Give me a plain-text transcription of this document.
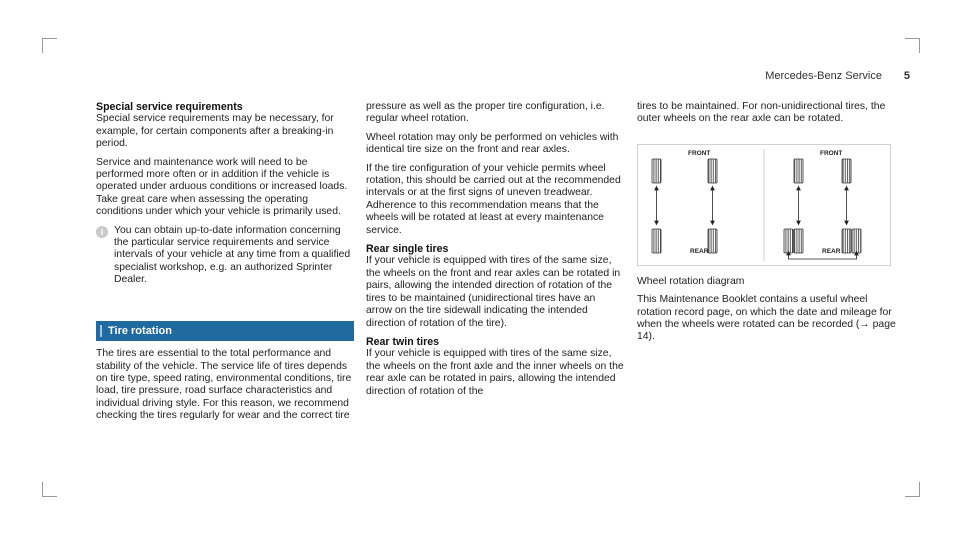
Mercedes-Benz Service 5
Special service requirements

Special service requirements may be necessary, for example, for certain components after a breaking-in period.

Service and maintenance work will need to be performed more often or in addition if the vehicle is operated under arduous conditions or increased loads. Take great care when assessing the operating conditions under which your vehicle is primarily used.

i	You can obtain up-to-date information concerning the particular service requirements and service intervals of your vehicle at any time from a qualified specialist workshop, e.g. an authorized Sprinter Dealer.

Tire rotation

The tires are essential to the total performance and stability of the vehicle. The service life of tires depends on tire type, speed rating, environmental conditions, tire load, tire pressure, road surface characteristics and individual driving style. For this reason, we recommend checking the tires regularly for wear and the correct tire

pressure as well as the proper tire configuration, i.e. regular wheel rotation.

Wheel rotation may only be performed on vehicles with identical tire size on the front and rear axles.

If the tire configuration of your vehicle permits wheel rotation, this should be carried out at the recommended intervals or at the first signs of uneven treadwear. Adherence to this recommendation means that the wheels will be rotated at least at every maintenance service.

Rear single tires

If your vehicle is equipped with tires of the same size, the wheels on the front and rear axles can be rotated in pairs, allowing the intended direction of rotation of the tires to be maintained (unidirectional tires have an arrow on the tire sidewall indicating the intended direction of rotation of the tire).

Rear twin tires

If your vehicle is equipped with tires of the same size, the wheels on the front axle and the inner wheels on the rear axle can be rotated in pairs, allowing the intended direction of rotation of the

tires to be maintained. For non-unidirectional tires, the outer wheels on the rear axle can be rotated.

FRONT
REAR
FRONT
REAR

Wheel rotation diagram

This Maintenance Booklet contains a useful wheel rotation record page, on which the date and mileage for when the wheels were rotated can be recorded (→ page 14).
